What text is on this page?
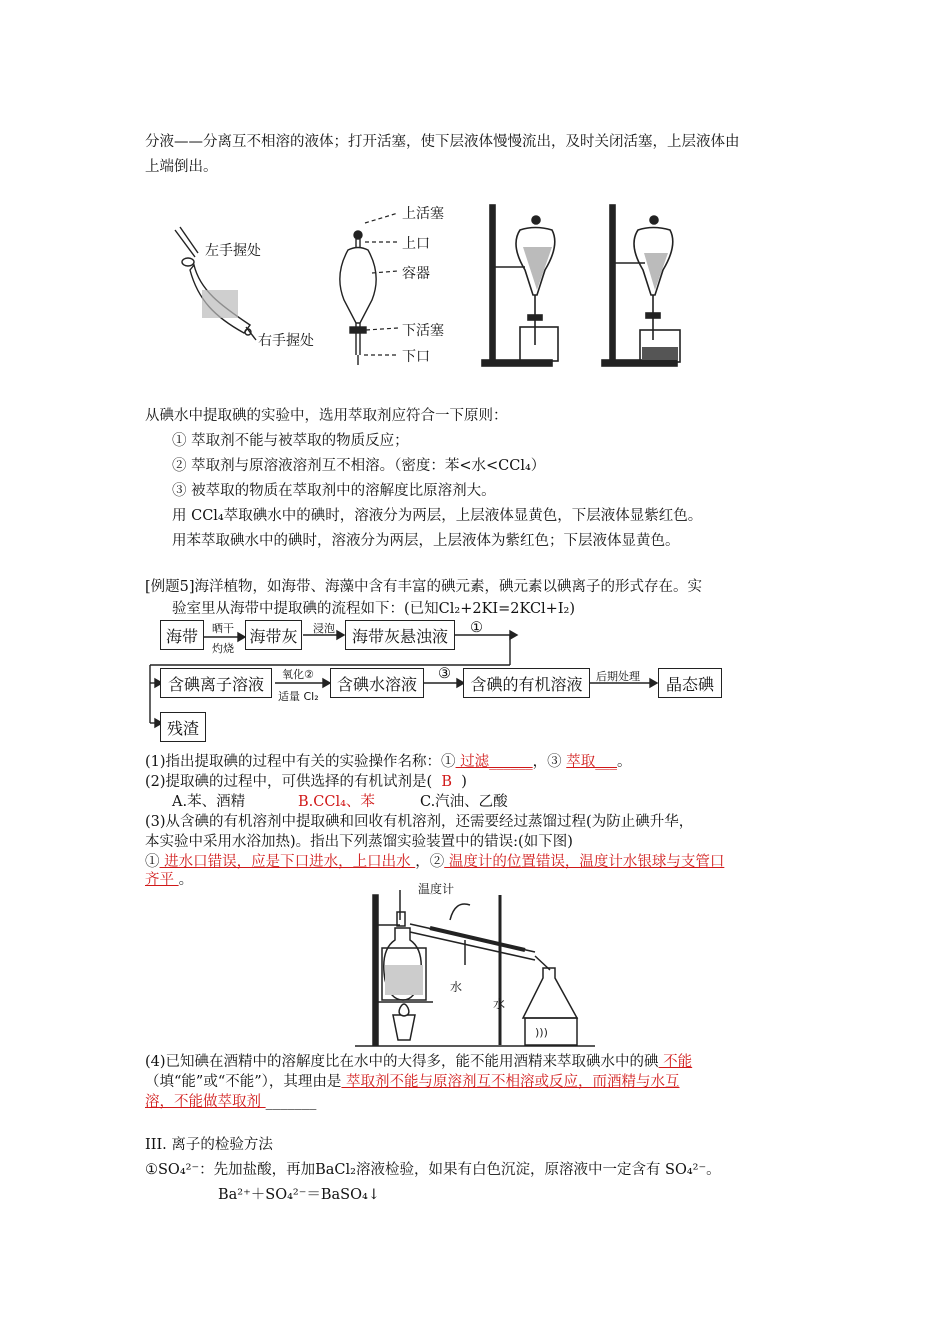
分液——分离互不相溶的液体；打开活塞，使下层液体慢慢流出，及时关闭活塞，上层液体由
上端倒出。
左手握处
右手握处
上活塞
上口
容器
下活塞
下口
从碘水中提取碘的实验中，选用萃取剂应符合一下原则：
① 萃取剂不能与被萃取的物质反应；
② 萃取剂与原溶液溶剂互不相溶。（密度：苯<水<CCl₄）
③ 被萃取的物质在萃取剂中的溶解度比原溶剂大。
用 CCl₄萃取碘水中的碘时，溶液分为两层，上层液体显黄色，下层液体显紫红色。
用苯萃取碘水中的碘时，溶液分为两层，上层液体为紫红色；下层液体显黄色。
[例题5]海洋植物，如海带、海藻中含有丰富的碘元素，碘元素以碘离子的形式存在。实
验室里从海带中提取碘的流程如下：(已知Cl₂+2KI=2KCl+I₂)
海带	晒干
灼烧
海带灰	浸泡	海带灰悬浊液	①
含碘离子溶液	氧化②
适量 Cl₂
含碘水溶液
③
含碘的有机溶液	后期处理	晶态碘
残渣
(1)指出提取碘的过程中有关的实验操作名称：① 过滤______，③ 萃取___。
(2)提取碘的过程中，可供选择的有机试剂是(  B  )
A.苯、酒精	B.CCl₄、苯	C.汽油、乙酸
(3)从含碘的有机溶剂中提取碘和回收有机溶剂，还需要经过蒸馏过程(为防止碘升华，
本实验中采用水浴加热)。指出下列蒸馏实验装置中的错误:(如下图)
① 进水口错误，应是下口进水，上口出水 ，② 温度计的位置错误，温度计水银球与支管口
齐平 。
)))
温度计
水
水
(4)已知碘在酒精中的溶解度比在水中的大得多，能不能用酒精来萃取碘水中的碘 不能
（填“能”或“不能”），其理由是 萃取剂不能与原溶剂互不相溶或反应，而酒精与水互
溶，不能做萃取剂 _______
III. 离子的检验方法
①SO₄²⁻：先加盐酸，再加BaCl₂溶液检验，如果有白色沉淀，原溶液中一定含有 SO₄²⁻。
Ba²⁺＋SO₄²⁻＝BaSO₄↓
